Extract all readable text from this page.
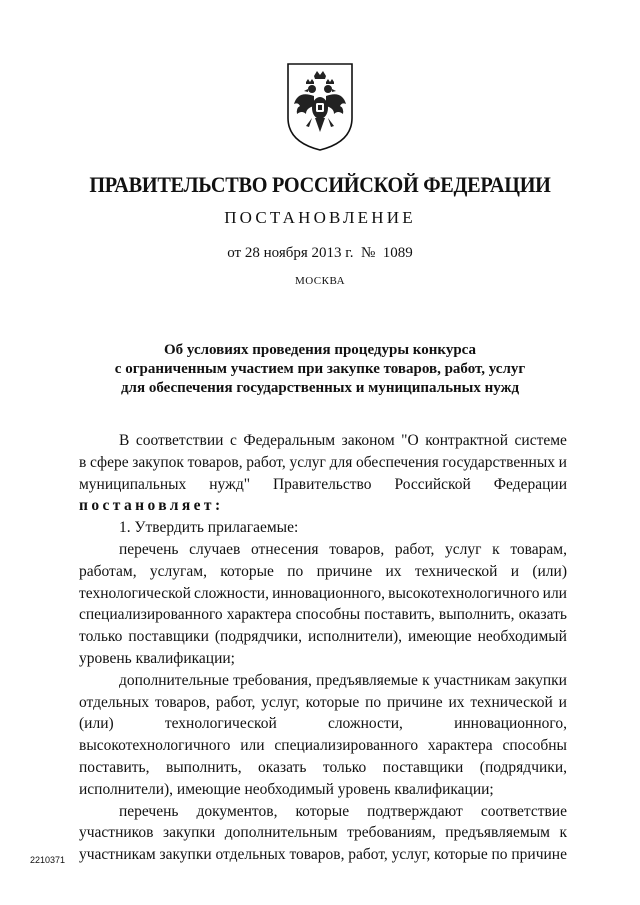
ПРАВИТЕЛЬСТВО РОССИЙСКОЙ ФЕДЕРАЦИИ
ПОСТАНОВЛЕНИЕ
от 28 ноября 2013 г.  №  1089
МОСКВА
Об условиях проведения процедуры конкурса
с ограниченным участием при закупке товаров, работ, услуг
для обеспечения государственных и муниципальных нужд
В соответствии с Федеральным законом "О контрактной системе
в сфере закупок товаров, работ, услуг для обеспечения государственных и
муниципальных нужд" Правительство Российской Федерации
постановляет:
1. Утвердить прилагаемые:
перечень случаев отнесения товаров, работ, услуг к товарам,
работам, услугам, которые по причине их технической и (или)
технологической сложности, инновационного, высокотехнологичного или
специализированного характера способны поставить, выполнить, оказать
только поставщики (подрядчики, исполнители), имеющие необходимый
уровень квалификации;
дополнительные требования, предъявляемые к участникам закупки
отдельных товаров, работ, услуг, которые по причине их технической и
(или)	технологической	сложности,	инновационного,
высокотехнологичного или специализированного характера способны
поставить, выполнить, оказать только поставщики (подрядчики,
исполнители), имеющие необходимый уровень квалификации;
перечень документов, которые подтверждают соответствие
участников закупки дополнительным требованиям, предъявляемым к
участникам закупки отдельных товаров, работ, услуг, которые по причине
2210371
